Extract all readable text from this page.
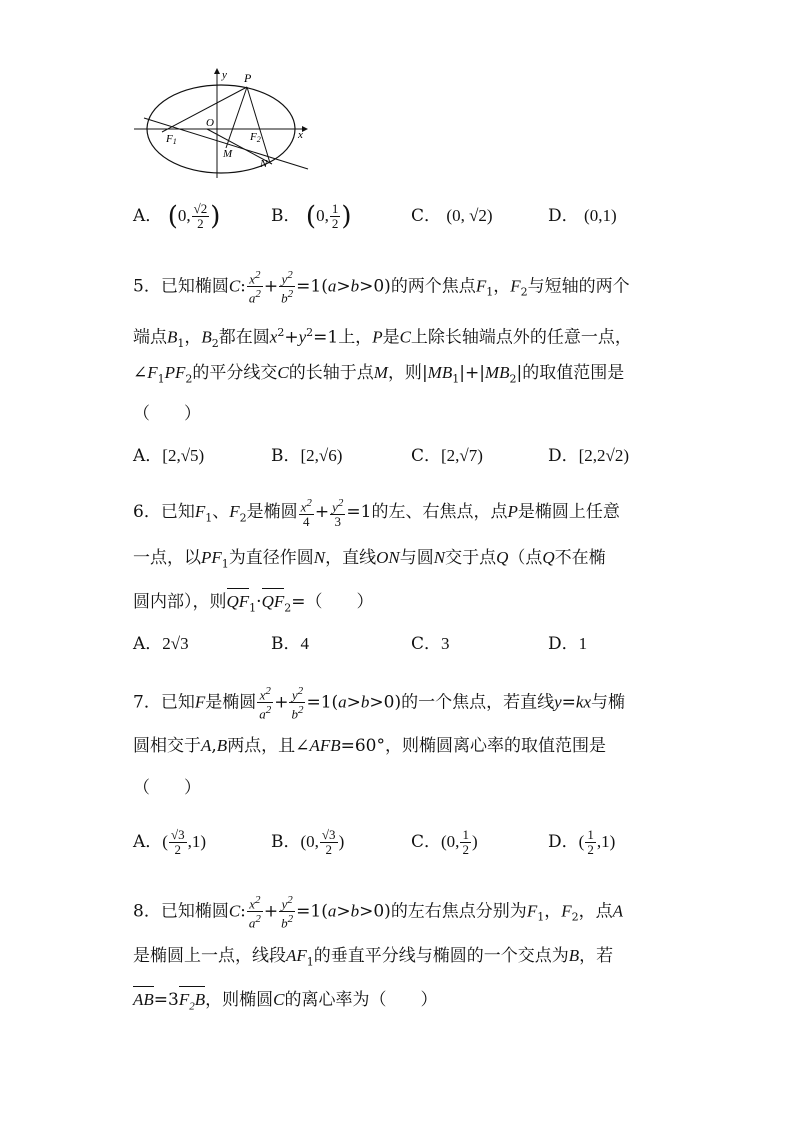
y
x
P
O
F1	F2
M
N
A． (0, $\frac{√2}{2}$ )	B． (0, $\frac{1}{2}$ )	C． (0, √2)	D． (0,1)
5．已知椭圆C: $\frac{x^2}{a^2} + \frac{y^2}{b^2} =1(a>b>0)$的两个焦点$F_1$，$F_2$与短轴的两个
端点$B_1$，$B_2$都在圆$x^2+y^2=1$上，P是C上除长轴端点外的任意一点，
$\angle F_1PF_2$的平分线交C的长轴于点M，则$|MB_1|+|MB_2|$的取值范围是
（　　）
A．[2,√5)	B．[2,√6)	C．[2,√7)	D．[2,2√2)
6．已知$F_1$、$F_2$是椭圆 $\frac{x^2}{4} + \frac{y^2}{3} =1$的左、右焦点，点P是椭圆上任意
一点，以$PF_1$为直径作圆N，直线ON与圆N交于点Q（点Q不在椭
圆内部），则$QF_1\cdot QF_2=$（　　）
A．2√3	B．4	C．3	D．1
7．已知F是椭圆 $\frac{x^2}{a^2} + \frac{y^2}{b^2} =1(a>b>0)$的一个焦点，若直线y=kx与椭
圆相交于A,B两点，且∠AFB=60°，则椭圆离心率的取值范围是
（　　）
A．( $\frac{√3}{2} ,1$)	B．(0, $\frac{√3}{2}$ )	C．(0, $\frac{1}{2}$ )	D．( $\frac{1}{2} ,1$)
8．已知椭圆C: $\frac{x^2}{a^2} + \frac{y^2}{b^2} =1(a>b>0)$的左右焦点分别为$F_1$，$F_2$，点A
是椭圆上一点，线段$AF_1$的垂直平分线与椭圆的一个交点为B，若
$AB=3F_2B$，则椭圆C的离心率为（　　）
